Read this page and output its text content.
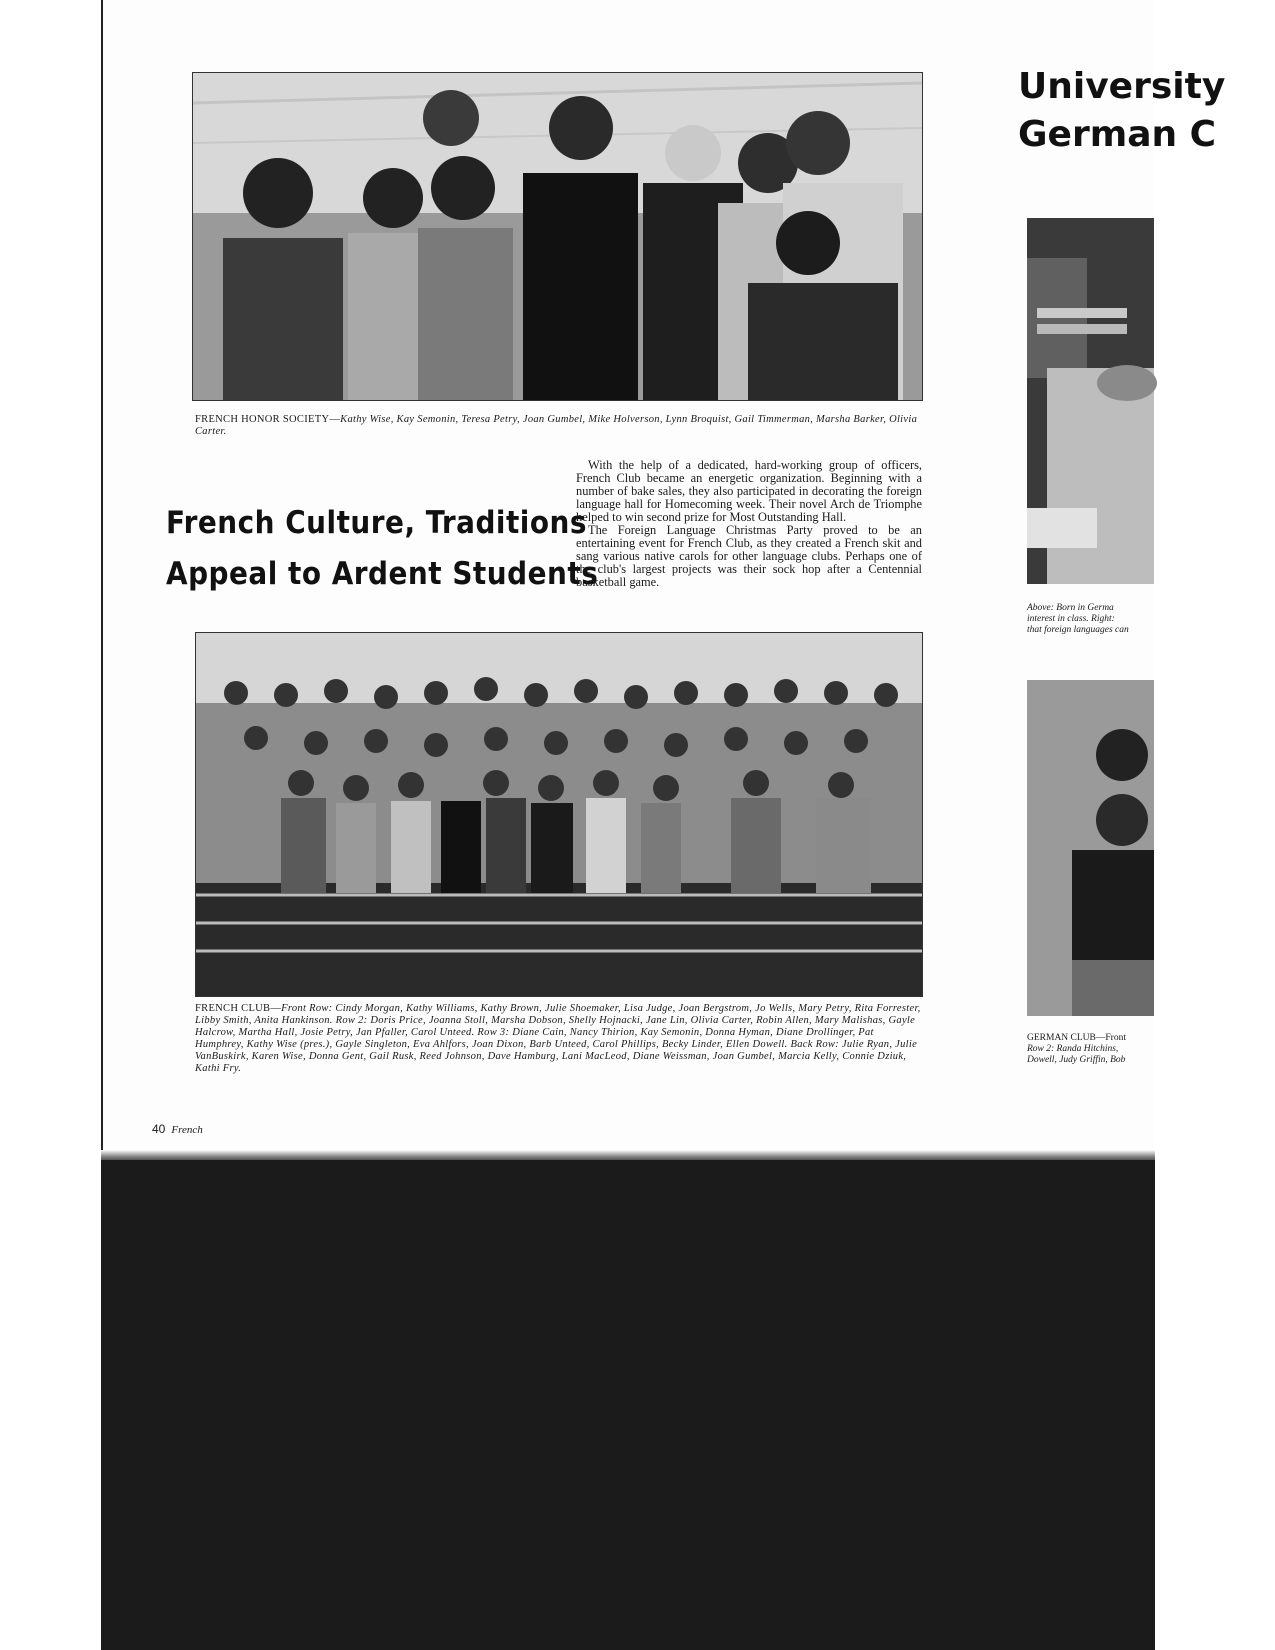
FRENCH HONOR SOCIETY—Kathy Wise, Kay Semonin, Teresa Petry, Joan Gumbel, Mike Holverson, Lynn Broquist, Gail Timmerman, Marsha Barker, Olivia Carter.
French Culture, Traditions
Appeal to Ardent Students

With the help of a dedicated, hard-working group of officers, French Club became an energetic organization. Beginning with a number of bake sales, they also participated in decorating the foreign language hall for Homecoming week. Their novel Arch de Triomphe helped to win second prize for Most Outstanding Hall.

The Foreign Language Christmas Party proved to be an entertaining event for French Club, as they created a French skit and sang various native carols for other language clubs. Perhaps one of the club's largest projects was their sock hop after a Centennial basketball game.

FRENCH CLUB—Front Row: Cindy Morgan, Kathy Williams, Kathy Brown, Julie Shoemaker, Lisa Judge, Joan Bergstrom, Jo Wells, Mary Petry, Rita Forrester, Libby Smith, Anita Hankinson. Row 2: Doris Price, Joanna Stoll, Marsha Dobson, Shelly Hojnacki, Jane Lin, Olivia Carter, Robin Allen, Mary Malishas, Gayle Halcrow, Martha Hall, Josie Petry, Jan Pfaller, Carol Unteed. Row 3: Diane Cain, Nancy Thirion, Kay Semonin, Donna Hyman, Diane Drollinger, Pat Humphrey, Kathy Wise (pres.), Gayle Singleton, Eva Ahlfors, Joan Dixon, Barb Unteed, Carol Phillips, Becky Linder, Ellen Dowell. Back Row: Julie Ryan, Julie VanBuskirk, Karen Wise, Donna Gent, Gail Rusk, Reed Johnson, Dave Hamburg, Lani MacLeod, Diane Weissman, Joan Gumbel, Marcia Kelly, Connie Dziuk, Kathi Fry.
40 French
University
German C
Above: Born in Germa
interest in class. Right:
that foreign languages can
GERMAN CLUB—Front
Row 2: Randa Hitchins,
Dowell, Judy Griffin, Bob
